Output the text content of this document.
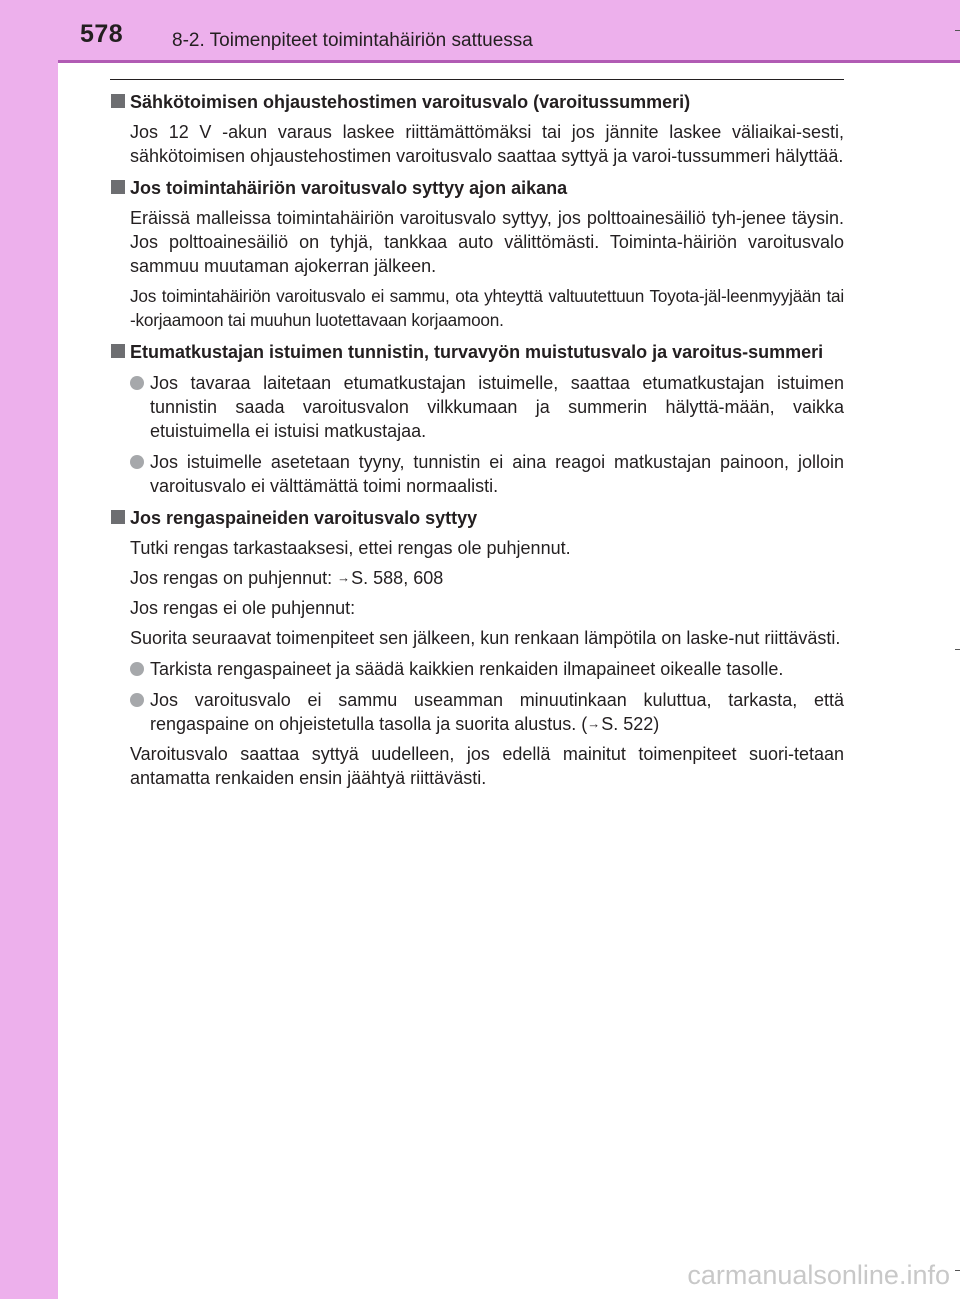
578	8-2. Toimenpiteet toimintahäiriön sattuessa
Sähkötoimisen ohjaustehostimen varoitusvalo (varoitussummeri)
Jos 12 V -akun varaus laskee riittämättömäksi tai jos jännite laskee väliaikai-sesti, sähkötoimisen ohjaustehostimen varoitusvalo saattaa syttyä ja varoi-tussummeri hälyttää.
Jos toimintahäiriön varoitusvalo syttyy ajon aikana
Eräissä malleissa toimintahäiriön varoitusvalo syttyy, jos polttoainesäiliö tyh-jenee täysin. Jos polttoainesäiliö on tyhjä, tankkaa auto välittömästi. Toiminta-häiriön varoitusvalo sammuu muutaman ajokerran jälkeen.
Jos toimintahäiriön varoitusvalo ei sammu, ota yhteyttä valtuutettuun Toyota-jäl-leenmyyjään tai -korjaamoon tai muuhun luotettavaan korjaamoon.
Etumatkustajan istuimen tunnistin, turvavyön muistutusvalo ja varoitus-summeri
Jos tavaraa laitetaan etumatkustajan istuimelle, saattaa etumatkustajan istuimen tunnistin saada varoitusvalon vilkkumaan ja summerin hälyttä-mään, vaikka etuistuimella ei istuisi matkustajaa.
Jos istuimelle asetetaan tyyny, tunnistin ei aina reagoi matkustajan painoon, jolloin varoitusvalo ei välttämättä toimi normaalisti.
Jos rengaspaineiden varoitusvalo syttyy
Tutki rengas tarkastaaksesi, ettei rengas ole puhjennut.
Jos rengas on puhjennut: →S. 588, 608
Jos rengas ei ole puhjennut:
Suorita seuraavat toimenpiteet sen jälkeen, kun renkaan lämpötila on laske-nut riittävästi.
Tarkista rengaspaineet ja säädä kaikkien renkaiden ilmapaineet oikealle tasolle.
Jos varoitusvalo ei sammu useamman minuutinkaan kuluttua, tarkasta, että rengaspaine on ohjeistetulla tasolla ja suorita alustus. (→S. 522)
Varoitusvalo saattaa syttyä uudelleen, jos edellä mainitut toimenpiteet suori-tetaan antamatta renkaiden ensin jäähtyä riittävästi.
carmanualsonline.info
